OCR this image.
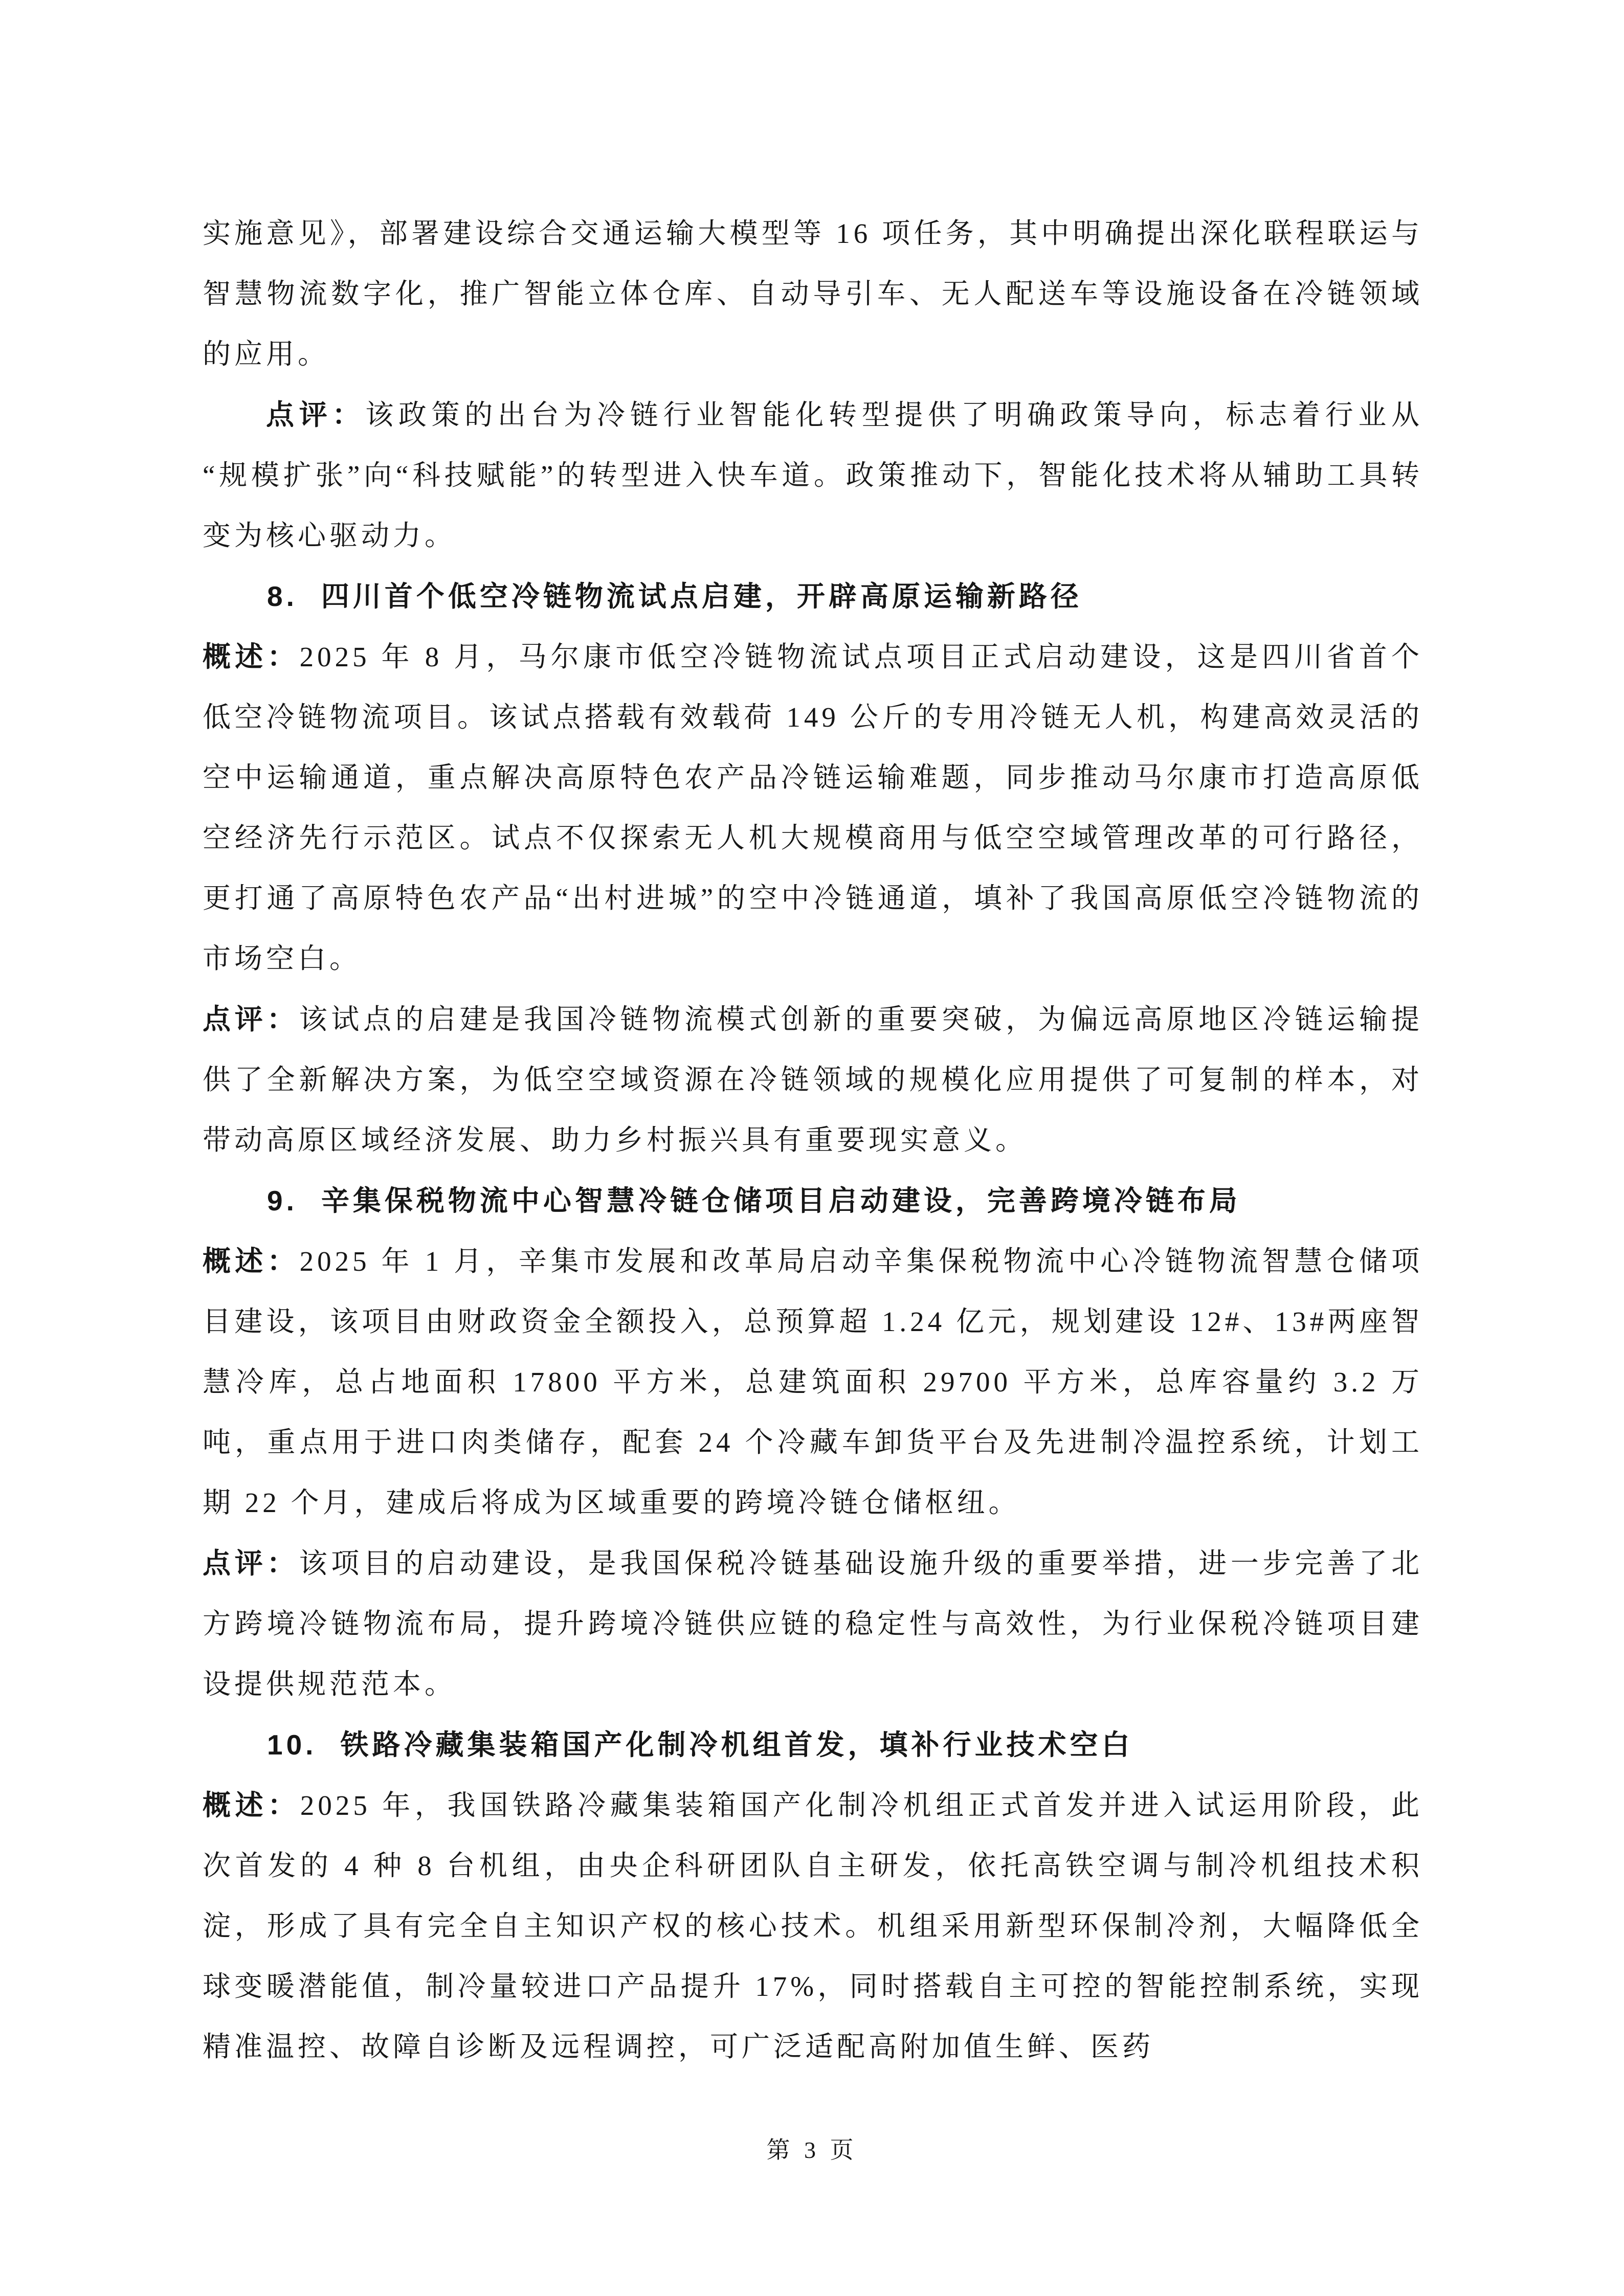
实施意见》，部署建设综合交通运输大模型等 16 项任务，其中明确提出深化联程联运与智慧物流数字化，推广智能立体仓库、自动导引车、无人配送车等设施设备在冷链领域的应用。

点评：该政策的出台为冷链行业智能化转型提供了明确政策导向，标志着行业从“规模扩张”向“科技赋能”的转型进入快车道。政策推动下，智能化技术将从辅助工具转变为核心驱动力。

8. 四川首个低空冷链物流试点启建，开辟高原运输新路径

概述：2025 年 8 月，马尔康市低空冷链物流试点项目正式启动建设，这是四川省首个低空冷链物流项目。该试点搭载有效载荷 149 公斤的专用冷链无人机，构建高效灵活的空中运输通道，重点解决高原特色农产品冷链运输难题，同步推动马尔康市打造高原低空经济先行示范区。试点不仅探索无人机大规模商用与低空空域管理改革的可行路径，更打通了高原特色农产品“出村进城”的空中冷链通道，填补了我国高原低空冷链物流的市场空白。

点评：该试点的启建是我国冷链物流模式创新的重要突破，为偏远高原地区冷链运输提供了全新解决方案，为低空空域资源在冷链领域的规模化应用提供了可复制的样本，对带动高原区域经济发展、助力乡村振兴具有重要现实意义。

9. 辛集保税物流中心智慧冷链仓储项目启动建设，完善跨境冷链布局

概述：2025 年 1 月，辛集市发展和改革局启动辛集保税物流中心冷链物流智慧仓储项目建设，该项目由财政资金全额投入，总预算超 1.24 亿元，规划建设 12#、13#两座智慧冷库，总占地面积 17800 平方米，总建筑面积 29700 平方米，总库容量约 3.2 万吨，重点用于进口肉类储存，配套 24 个冷藏车卸货平台及先进制冷温控系统，计划工期 22 个月，建成后将成为区域重要的跨境冷链仓储枢纽。

点评：该项目的启动建设，是我国保税冷链基础设施升级的重要举措，进一步完善了北方跨境冷链物流布局，提升跨境冷链供应链的稳定性与高效性，为行业保税冷链项目建设提供规范范本。

10. 铁路冷藏集装箱国产化制冷机组首发，填补行业技术空白

概述：2025 年，我国铁路冷藏集装箱国产化制冷机组正式首发并进入试运用阶段，此次首发的 4 种 8 台机组，由央企科研团队自主研发，依托高铁空调与制冷机组技术积淀，形成了具有完全自主知识产权的核心技术。机组采用新型环保制冷剂，大幅降低全球变暖潜能值，制冷量较进口产品提升 17%，同时搭载自主可控的智能控制系统，实现精准温控、故障自诊断及远程调控，可广泛适配高附加值生鲜、医药

第 3 页
